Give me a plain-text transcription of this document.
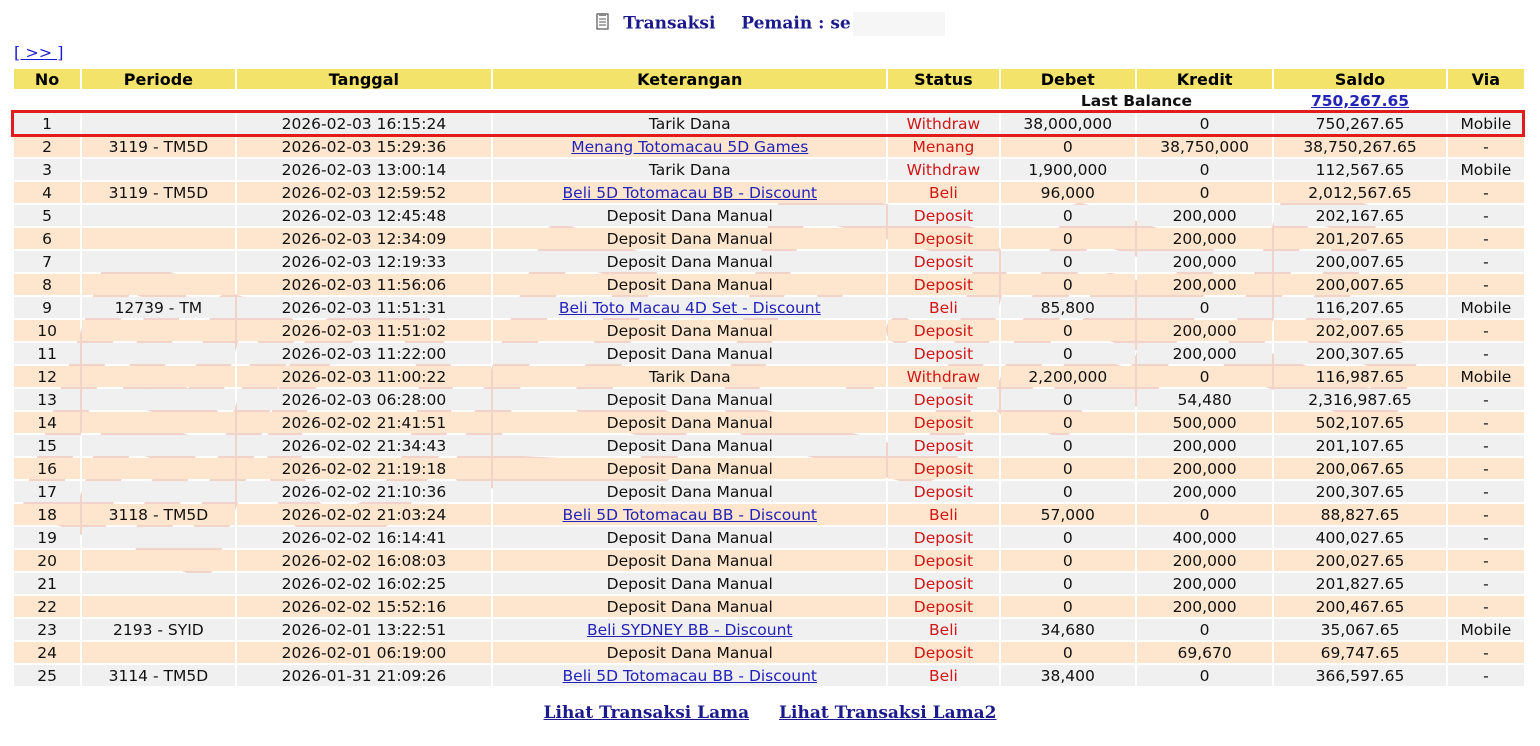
Transaksi Pemain : se
[ >> ]
No	Periode	Tanggal	Keterangan	Status	Debet	Kredit	Saldo	Via
					Last Balance		750,267.65	
1		2026-02-03 16:15:24	Tarik Dana	Withdraw	38,000,000	0	750,267.65	Mobile
2	3119 - TM5D	2026-02-03 15:29:36	Menang Totomacau 5D Games	Menang	0	38,750,000	38,750,267.65	-
3		2026-02-03 13:00:14	Tarik Dana	Withdraw	1,900,000	0	112,567.65	Mobile
4	3119 - TM5D	2026-02-03 12:59:52	Beli 5D Totomacau BB - Discount	Beli	96,000	0	2,012,567.65	-
5		2026-02-03 12:45:48	Deposit Dana Manual	Deposit	0	200,000	202,167.65	-
6		2026-02-03 12:34:09	Deposit Dana Manual	Deposit	0	200,000	201,207.65	-
7		2026-02-03 12:19:33	Deposit Dana Manual	Deposit	0	200,000	200,007.65	-
8		2026-02-03 11:56:06	Deposit Dana Manual	Deposit	0	200,000	200,007.65	-
9	12739 - TM	2026-02-03 11:51:31	Beli Toto Macau 4D Set - Discount	Beli	85,800	0	116,207.65	Mobile
10		2026-02-03 11:51:02	Deposit Dana Manual	Deposit	0	200,000	202,007.65	-
11		2026-02-03 11:22:00	Deposit Dana Manual	Deposit	0	200,000	200,307.65	-
12		2026-02-03 11:00:22	Tarik Dana	Withdraw	2,200,000	0	116,987.65	Mobile
13		2026-02-03 06:28:00	Deposit Dana Manual	Deposit	0	54,480	2,316,987.65	-
14		2026-02-02 21:41:51	Deposit Dana Manual	Deposit	0	500,000	502,107.65	-
15		2026-02-02 21:34:43	Deposit Dana Manual	Deposit	0	200,000	201,107.65	-
16		2026-02-02 21:19:18	Deposit Dana Manual	Deposit	0	200,000	200,067.65	-
17		2026-02-02 21:10:36	Deposit Dana Manual	Deposit	0	200,000	200,307.65	-
18	3118 - TM5D	2026-02-02 21:03:24	Beli 5D Totomacau BB - Discount	Beli	57,000	0	88,827.65	-
19		2026-02-02 16:14:41	Deposit Dana Manual	Deposit	0	400,000	400,027.65	-
20		2026-02-02 16:08:03	Deposit Dana Manual	Deposit	0	200,000	200,027.65	-
21		2026-02-02 16:02:25	Deposit Dana Manual	Deposit	0	200,000	201,827.65	-
22		2026-02-02 15:52:16	Deposit Dana Manual	Deposit	0	200,000	200,467.65	-
23	2193 - SYID	2026-02-01 13:22:51	Beli SYDNEY BB - Discount	Beli	34,680	0	35,067.65	Mobile
24		2026-02-01 06:19:00	Deposit Dana Manual	Deposit	0	69,670	69,747.65	-
25	3114 - TM5D	2026-01-31 21:09:26	Beli 5D Totomacau BB - Discount	Beli	38,400	0	366,597.65	-
Lihat Transaksi Lama Lihat Transaksi Lama2
